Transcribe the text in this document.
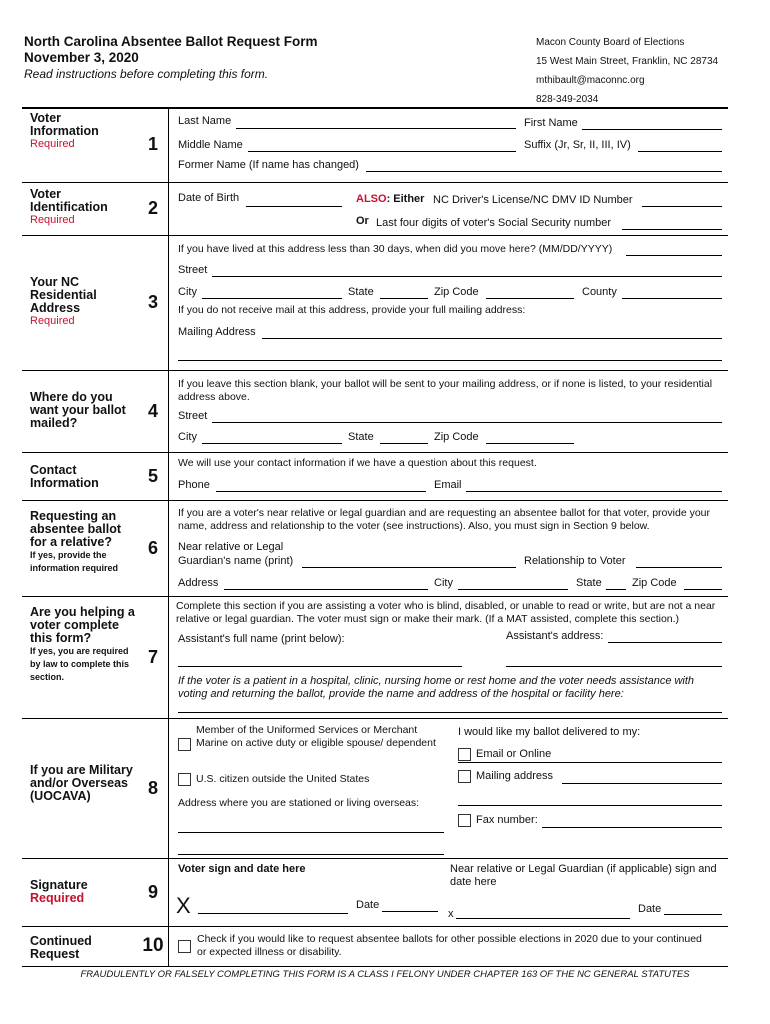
North Carolina Absentee Ballot Request Form
November 3, 2020
Read instructions before completing this form.
Macon County Board of Elections
15 West Main Street, Franklin, NC 28734
mthibault@maconnc.org
828-349-2034
Voter Information
Required	1
Last Name	First Name
Middle Name	Suffix (Jr, Sr, II, III, IV)
Former Name (If name has changed)
Voter Identification
Required
2	Date of Birth	ALSO: Either NC Driver's License/NC DMV ID Number
Or Last four digits of voter's Social Security number
Your NC Residential Address
Required
3
If you have lived at this address less than 30 days, when did you move here? (MM/DD/YYYY)
Street
City	State	Zip Code	County
If you do not receive mail at this address, provide your full mailing address:
Mailing Address
Where do you want your ballot mailed?
4
If you leave this section blank, your ballot will be sent to your mailing address, or if none is listed, to your residential address above.
Street
City	State	Zip Code
Contact Information	5
We will use your contact information if we have a question about this request.
Phone	Email
Requesting an absentee ballot for a relative?
If yes, provide the information required
6
If you are a voter's near relative or legal guardian and are requesting an absentee ballot for that voter, provide your name, address and relationship to the voter (see instructions). Also, you must sign in Section 9 below.
Near relative or Legal
Guardian's name (print)	Relationship to Voter
Address	City	State	Zip Code
Are you helping a voter complete this form?
If yes, you are required by law to complete this section.
7
Complete this section if you are assisting a voter who is blind, disabled, or unable to read or write, but are not a near relative or legal guardian. The voter must sign or make their mark. (If a MAT assisted, complete this section.)
Assistant's full name (print below):	Assistant's address:
If the voter is a patient in a hospital, clinic, nursing home or rest home and the voter needs assistance with voting and returning the ballot, provide the name and address of the hospital or facility here:
If you are Military and/or Overseas (UOCAVA)	8
Member of the Uniformed Services or Merchant Marine on active duty or eligible spouse/ dependent
U.S. citizen outside the United States
Address where you are stationed or living overseas:
I would like my ballot delivered to my:
Email or Online
Mailing address
Fax number:
Signature
Required	9
Voter sign and date here
X	Date
Near relative or Legal Guardian (if applicable) sign and date here
x	Date
Continued Request	10	Check if you would like to request absentee ballots for other possible elections in 2020 due to your continued or expected illness or disability.
FRAUDULENTLY OR FALSELY COMPLETING THIS FORM IS A CLASS I FELONY UNDER CHAPTER 163 OF THE NC GENERAL STATUTES
